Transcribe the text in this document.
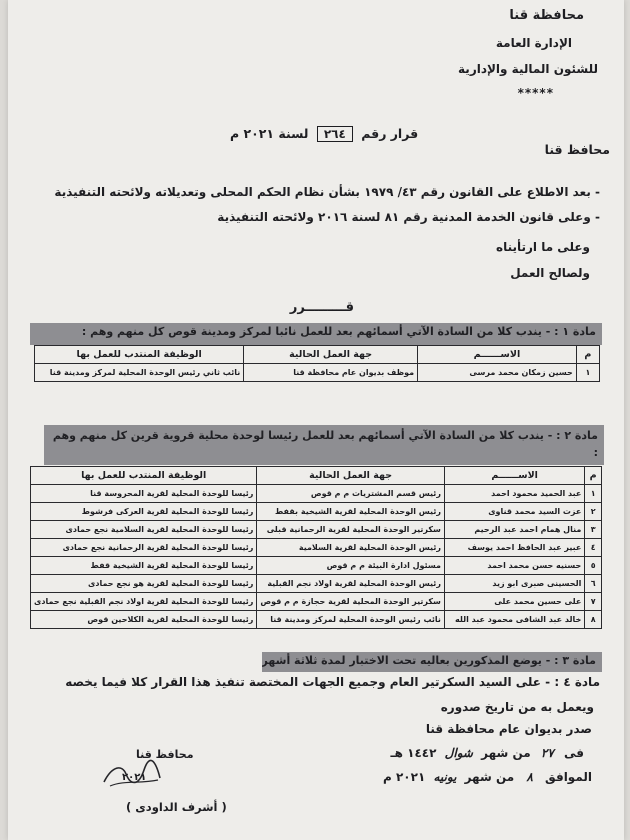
محافظة قنا
الإدارة العامة
للشئون المالية والإدارية
*****
قرار رقم ٢٦٤ لسنة ٢٠٢١ م
محافظ قنا
- بعد الاطلاع على القانون رقم ٤٣/ ١٩٧٩ بشأن نظام الحكم المحلى وتعديلاته ولائحته التنفيذية
- وعلى قانون الخدمة المدنية رقم ٨١ لسنة ٢٠١٦ ولائحته التنفيذية
وعلى ما ارتأيناه
ولصالح العمل
قـــــــــرر
مادة ١ : - يندب كلا من السادة الآتي أسمائهم بعد للعمل نائبا لمركز ومدينة قوص كل منهم وهم :
م	الاســــــم	جهة العمل الحالية	الوظيفة المنتدب للعمل بها
١	حسين زمكان محمد مرسى	موظف بديوان عام محافظة قنا	نائب ثاني رئيس الوحدة المحلية لمركز ومدينة قنا
مادة ٢ : - يندب كلا من السادة الآتي أسمائهم بعد للعمل رئيسا لوحدة محلية قروية قرين كل منهم وهم :
م	الاســــــم	جهة العمل الحالية	الوظيفة المنتدب للعمل بها
١	عبد الحميد محمود احمد	رئيس قسم المشتريات م م قوص	رئيسا للوحدة المحلية لقرية المحروسة قنا
٢	عزت السيد محمد قناوى	رئيس الوحدة المحلية لقرية الشيخية بقفط	رئيسا للوحدة المحلية لقرية العركى فرشوط
٣	منال همام احمد عبد الرحيم	سكرتير الوحدة المحلية لقرية الرحمانية قبلى	رئيسا للوحدة المحلية لقرية السلامية نجع حمادى
٤	عبير عبد الحافظ احمد يوسف	رئيس الوحدة المحلية لقرية السلامية	رئيسا للوحدة المحلية لقرية الرحمانية نجع حمادى
٥	حسنيه حسن محمد احمد	مسئول ادارة البيئة م م قوص	رئيسا للوحدة المحلية لقرية الشيخية قفط
٦	الحسينى صبرى ابو زيد	رئيس الوحدة المحلية لقرية اولاد نجم القبلية	رئيسا للوحدة المحلية لقرية هو نجع حمادى
٧	على حسين محمد على	سكرتير الوحدة المحلية لقرية حجازة م م قوص	رئيسا للوحدة المحلية لقرية اولاد نجم القبلية نجع حمادى
٨	خالد عبد الشافى محمود عبد الله	نائب رئيس الوحدة المحلية لمركز ومدينة قنا	رئيسا للوحدة المحلية لقرية الكلاحين قوص
مادة ٣ : - يوضع المذكورين بعاليه تحت الاختبار لمدة ثلاثة أشهر
مادة ٤ : - على السيد السكرتير العام وجميع الجهات المختصة تنفيذ هذا القرار كلا فيما يخصه
ويعمل به من تاريخ صدوره
صدر بديوان عام محافظة قنا
فى ٢٧ من شهر شوال ١٤٤٢ هـ
الموافق ٨ من شهر يونيه ٢٠٢١ م
محافظ قنا
٢٠٢١
( أشرف الداودى )
